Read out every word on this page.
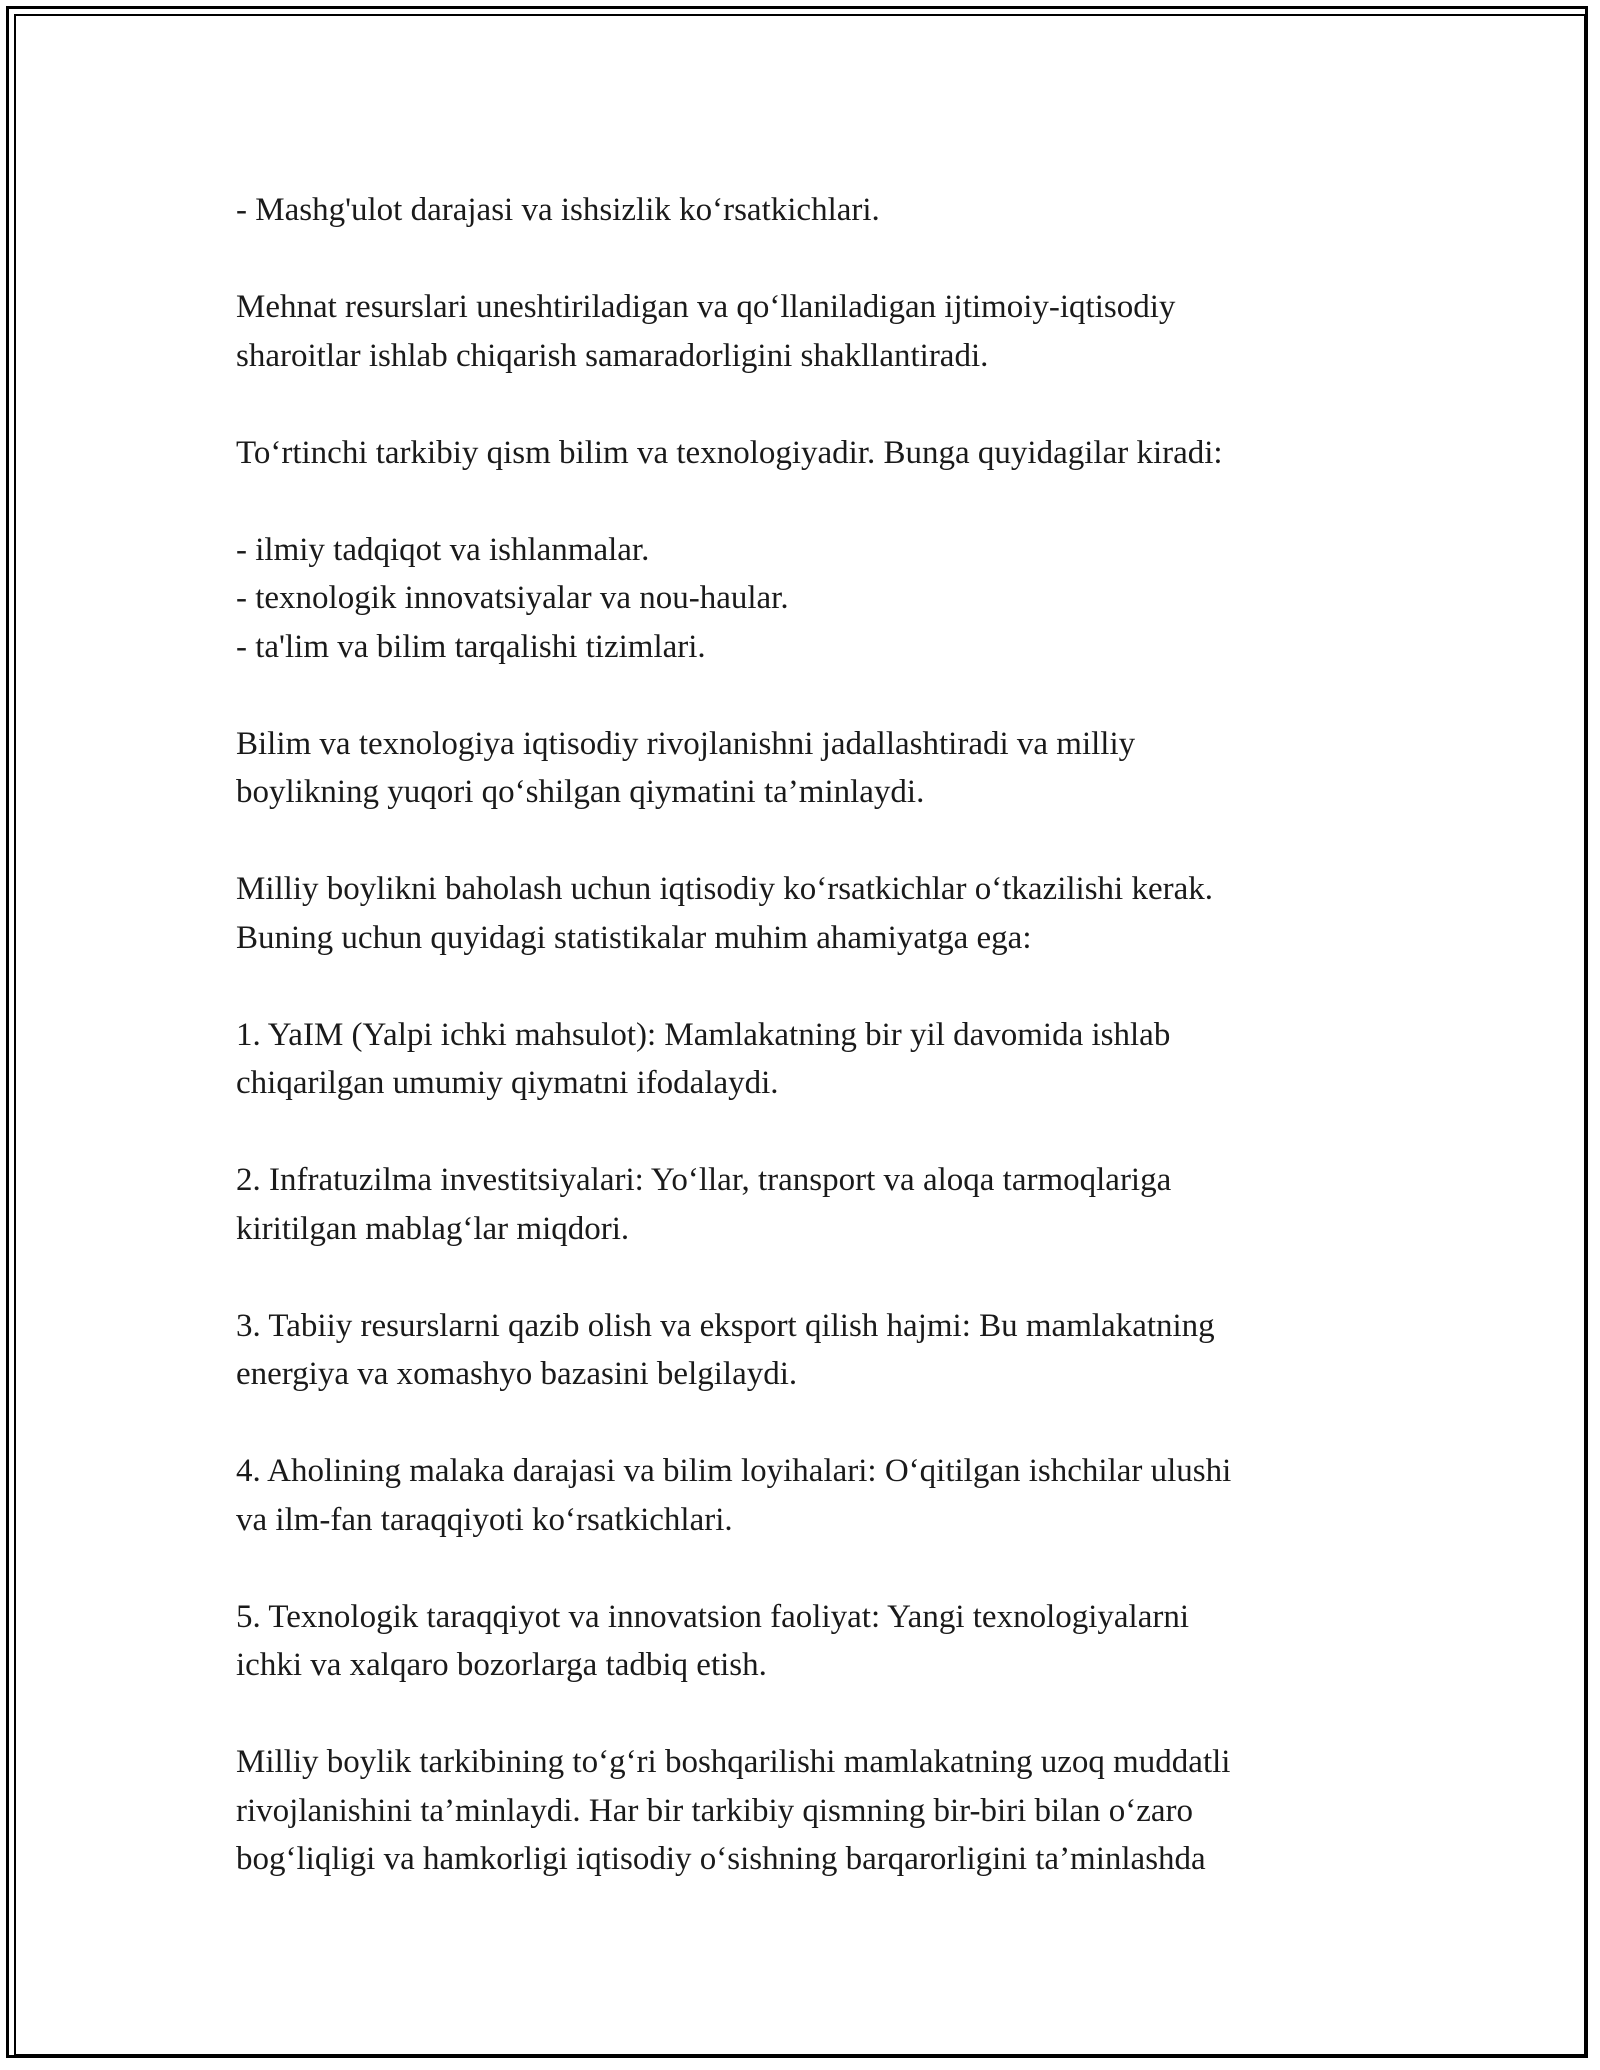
- Mashg'ulot darajasi va ishsizlik ko‘rsatkichlari.

Mehnat resurslari uneshtiriladigan va qo‘llaniladigan ijtimoiy-iqtisodiy

sharoitlar ishlab chiqarish samaradorligini shakllantiradi.

To‘rtinchi tarkibiy qism bilim va texnologiyadir. Bunga quyidagilar kiradi:

- ilmiy tadqiqot va ishlanmalar.

- texnologik innovatsiyalar va nou-haular.

- ta'lim va bilim tarqalishi tizimlari.

Bilim va texnologiya iqtisodiy rivojlanishni jadallashtiradi va milliy

boylikning yuqori qo‘shilgan qiymatini ta’minlaydi.

Milliy boylikni baholash uchun iqtisodiy ko‘rsatkichlar o‘tkazilishi kerak.

Buning uchun quyidagi statistikalar muhim ahamiyatga ega:

1. YaIM (Yalpi ichki mahsulot): Mamlakatning bir yil davomida ishlab

chiqarilgan umumiy qiymatni ifodalaydi.

2. Infratuzilma investitsiyalari: Yo‘llar, transport va aloqa tarmoqlariga

kiritilgan mablag‘lar miqdori.

3. Tabiiy resurslarni qazib olish va eksport qilish hajmi: Bu mamlakatning

energiya va xomashyo bazasini belgilaydi.

4. Aholining malaka darajasi va bilim loyihalari: O‘qitilgan ishchilar ulushi

va ilm-fan taraqqiyoti ko‘rsatkichlari.

5. Texnologik taraqqiyot va innovatsion faoliyat: Yangi texnologiyalarni

ichki va xalqaro bozorlarga tadbiq etish.

Milliy boylik tarkibining to‘g‘ri boshqarilishi mamlakatning uzoq muddatli

rivojlanishini ta’minlaydi. Har bir tarkibiy qismning bir-biri bilan o‘zaro

bog‘liqligi va hamkorligi iqtisodiy o‘sishning barqarorligini ta’minlashda
